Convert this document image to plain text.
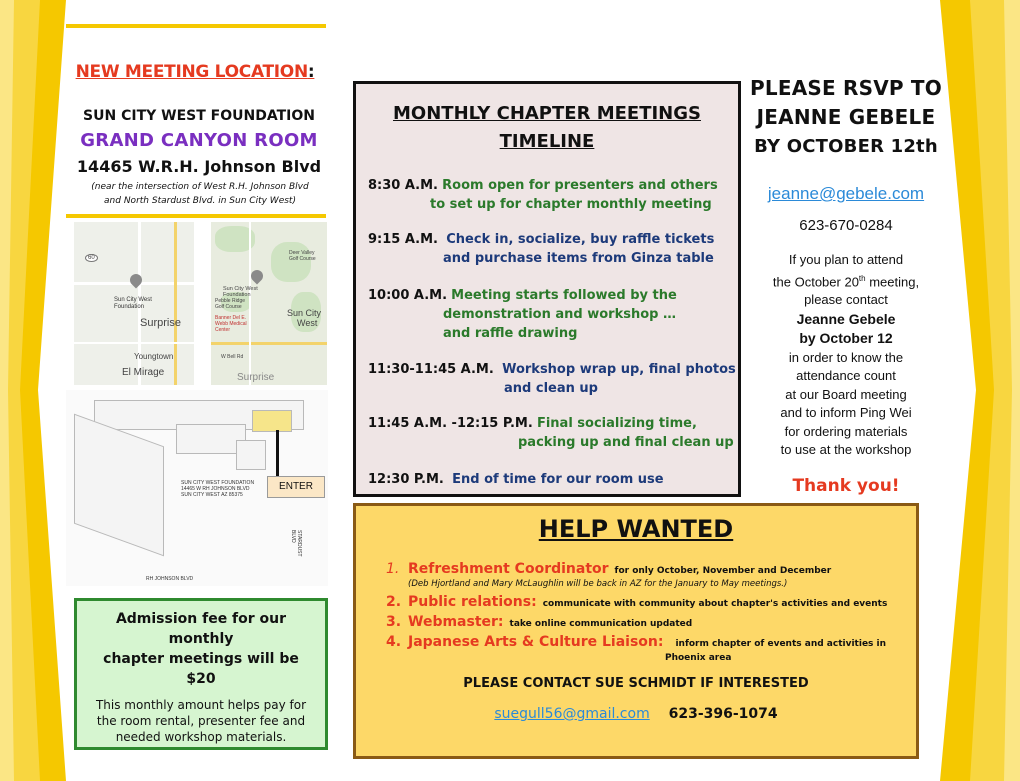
NEW MEETING LOCATION:
SUN CITY WEST FOUNDATION
GRAND CANYON ROOM
14465 W.R.H. Johnson Blvd
(near the intersection of West R.H. Johnson Blvd
and North Stardust Blvd. in Sun City West)
Sun City West
Foundation
Surprise
Youngtown
El Mirage
60
Sun City West
Foundation
Sun City
West
Surprise
Pebble Ridge
Golf Course
Banner Del E.
Webb Medical
Center
Deer Valley
Golf Course
W Bell Rd
SUN CITY WEST FOUNDATION
14465 W RH JOHNSON BLVD
SUN CITY WEST AZ 85375
ENTER
RH JOHNSON BLVD
STARDUST BLVD
Admission fee for our monthly
chapter meetings will be
$20
This monthly amount helps pay for
the room rental, presenter fee and
needed workshop materials.
MONTHLY CHAPTER MEETINGS
TIMELINE
8:30 A.M. Room open for presenters and others
to set up for chapter monthly meeting
9:15 A.M. Check in, socialize, buy raffle tickets
and purchase items from Ginza table
10:00 A.M. Meeting starts followed by the
demonstration and workshop …
and raffle drawing
11:30-11:45 A.M. Workshop wrap up, final photos
and clean up
11:45 A.M. -12:15 P.M. Final socializing time,
packing up and final clean up
12:30 P.M. End of time for our room use
HELP WANTED
1. Refreshment Coordinator for only October, November and December
(Deb Hjortland and Mary McLaughlin will be back in AZ for the January to May meetings.)
2. Public relations: communicate with community about chapter's activities and events
3. Webmaster: take online communication updated
4. Japanese Arts & Culture Liaison: inform chapter of events and activities in
Phoenix area
PLEASE CONTACT SUE SCHMIDT IF INTERESTED
suegull56@gmail.com 623-396-1074
PLEASE RSVP TO
JEANNE GEBELE
BY OCTOBER 12th
jeanne@gebele.com
623-670-0284
If you plan to attend
the October 20th meeting,
please contact
Jeanne Gebele
by October 12
in order to know the
attendance count
at our Board meeting
and to inform Ping Wei
for ordering materials
to use at the workshop
Thank you!
